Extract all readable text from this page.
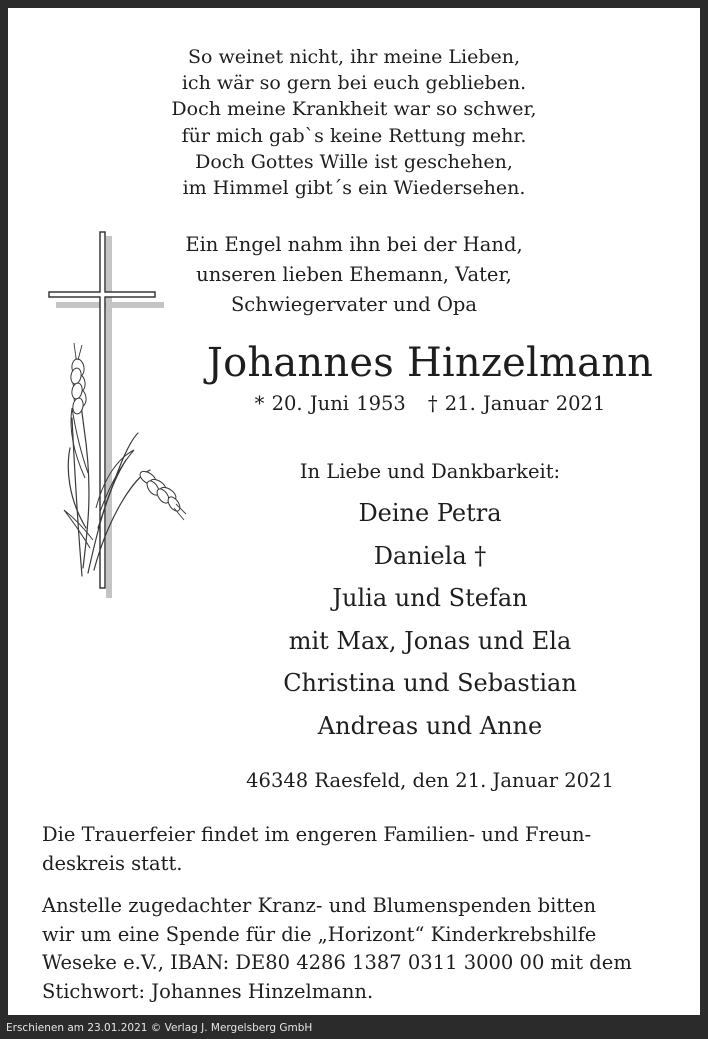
So weinet nicht, ihr meine Lieben,
ich wär so gern bei euch geblieben.
Doch meine Krankheit war so schwer,
für mich gab`s keine Rettung mehr.
Doch Gottes Wille ist geschehen,
im Himmel gibt´s ein Wiedersehen.
Ein Engel nahm ihn bei der Hand,
unseren lieben Ehemann, Vater,
Schwiegervater und Opa
Johannes Hinzelmann
* 20. Juni 1953 † 21. Januar 2021
In Liebe und Dankbarkeit:
Deine Petra
Daniela †
Julia und Stefan
mit Max, Jonas und Ela
Christina und Sebastian
Andreas und Anne
46348 Raesfeld, den 21. Januar 2021
Die Trauerfeier findet im engeren Familien- und Freun-
deskreis statt.
Anstelle zugedachter Kranz- und Blumenspenden bitten
wir um eine Spende für die „Horizont“ Kinderkrebshilfe
Weseke e.V., IBAN: DE80 4286 1387 0311 3000 00 mit dem
Stichwort: Johannes Hinzelmann.
Erschienen am 23.01.2021 © Verlag J. Mergelsberg GmbH
